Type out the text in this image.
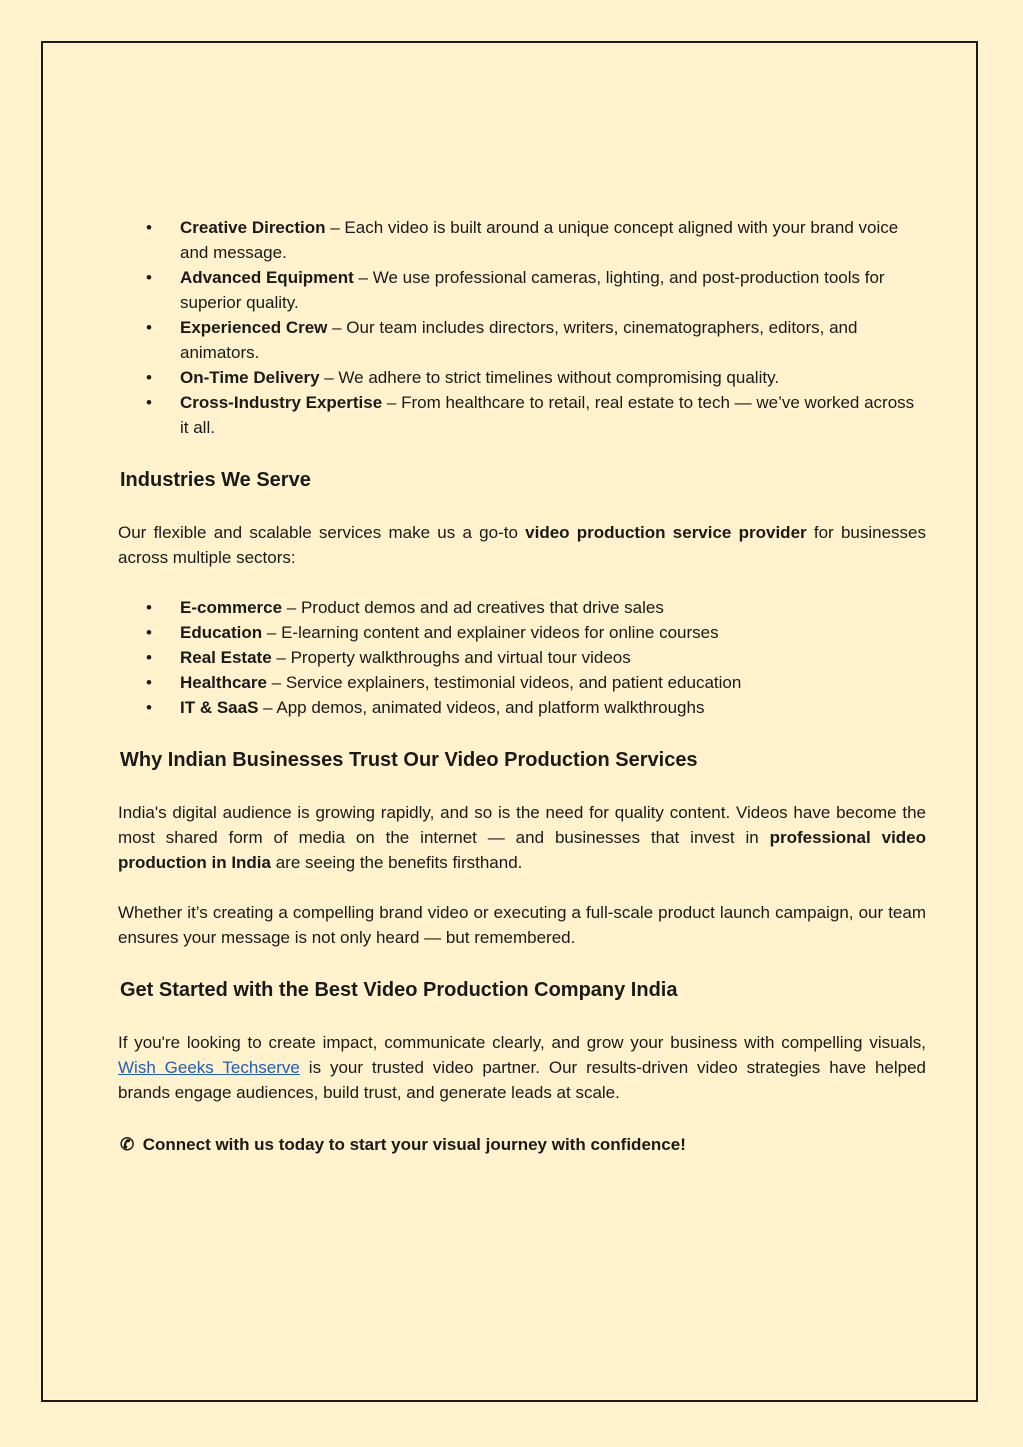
• Creative Direction – Each video is built around a unique concept aligned with your brand voice and message.
• Advanced Equipment – We use professional cameras, lighting, and post-production tools for superior quality.
• Experienced Crew – Our team includes directors, writers, cinematographers, editors, and animators.
• On-Time Delivery – We adhere to strict timelines without compromising quality.
• Cross-Industry Expertise – From healthcare to retail, real estate to tech — we’ve worked across it all.
Industries We Serve

Our flexible and scalable services make us a go-to video production service provider for businesses across multiple sectors:

• E-commerce – Product demos and ad creatives that drive sales
• Education – E-learning content and explainer videos for online courses
• Real Estate – Property walkthroughs and virtual tour videos
• Healthcare – Service explainers, testimonial videos, and patient education
• IT & SaaS – App demos, animated videos, and platform walkthroughs
Why Indian Businesses Trust Our Video Production Services

India's digital audience is growing rapidly, and so is the need for quality content. Videos have become the most shared form of media on the internet — and businesses that invest in professional video production in India are seeing the benefits firsthand.

Whether it’s creating a compelling brand video or executing a full-scale product launch campaign, our team ensures your message is not only heard — but remembered.

Get Started with the Best Video Production Company India

If you're looking to create impact, communicate clearly, and grow your business with compelling visuals, Wish Geeks Techserve is your trusted video partner. Our results-driven video strategies have helped brands engage audiences, build trust, and generate leads at scale.

✆ Connect with us today to start your visual journey with confidence!
